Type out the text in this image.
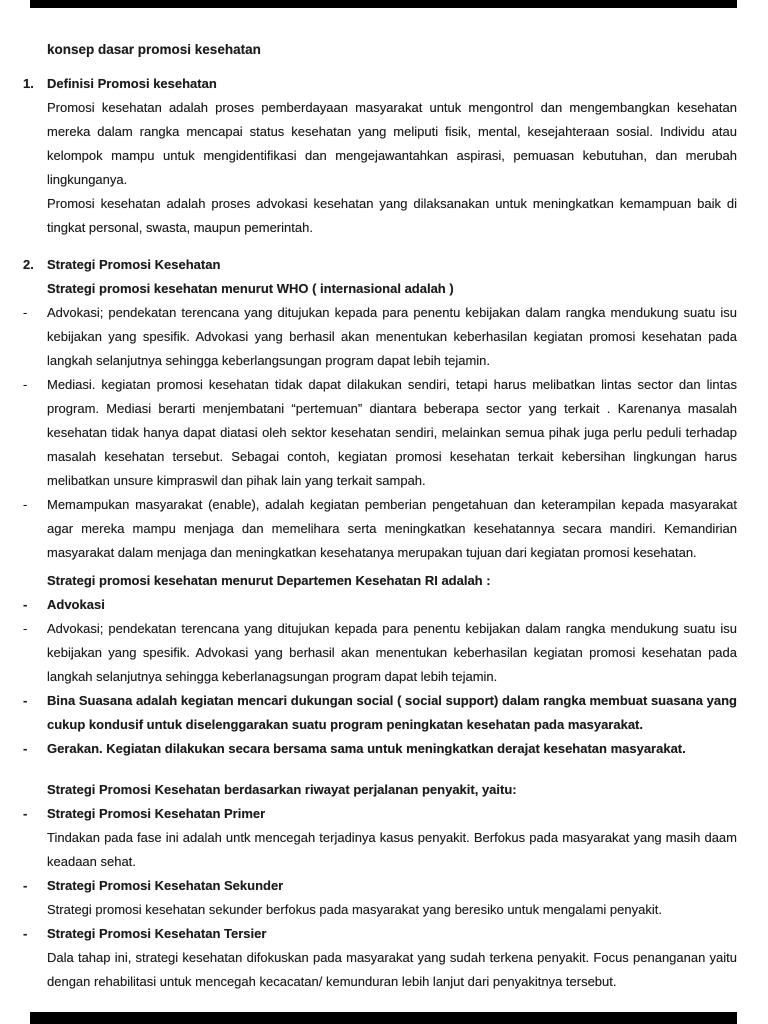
konsep dasar promosi kesehatan
1.	Definisi Promosi kesehatan
Promosi kesehatan adalah proses pemberdayaan masyarakat untuk mengontrol dan mengembangkan kesehatan mereka dalam rangka mencapai status kesehatan yang meliputi fisik, mental, kesejahteraan sosial. Individu atau kelompok mampu untuk mengidentifikasi dan mengejawantahkan aspirasi, pemuasan kebutuhan, dan merubah lingkunganya.
Promosi kesehatan adalah proses advokasi kesehatan yang dilaksanakan untuk meningkatkan kemampuan baik di tingkat personal, swasta, maupun pemerintah.
2.	Strategi Promosi Kesehatan
Strategi promosi kesehatan menurut WHO ( internasional adalah )
-	Advokasi; pendekatan terencana yang ditujukan kepada para penentu kebijakan dalam rangka mendukung suatu isu kebijakan yang spesifik. Advokasi yang berhasil akan menentukan keberhasilan kegiatan promosi kesehatan pada langkah selanjutnya sehingga keberlangsungan program dapat lebih tejamin.
-	Mediasi. kegiatan promosi kesehatan tidak dapat dilakukan sendiri, tetapi harus melibatkan lintas sector dan lintas program. Mediasi berarti menjembatani “pertemuan” diantara beberapa sector yang terkait . Karenanya masalah kesehatan tidak hanya dapat diatasi oleh sektor kesehatan sendiri, melainkan semua pihak juga perlu peduli terhadap masalah kesehatan tersebut. Sebagai contoh, kegiatan promosi kesehatan terkait kebersihan lingkungan harus melibatkan unsure kimpraswil dan pihak lain yang terkait sampah.
-	Memampukan masyarakat (enable), adalah kegiatan pemberian pengetahuan dan keterampilan kepada masyarakat agar mereka mampu menjaga dan memelihara serta meningkatkan kesehatannya secara mandiri. Kemandirian masyarakat dalam menjaga dan meningkatkan kesehatanya merupakan tujuan dari kegiatan promosi kesehatan.
Strategi promosi kesehatan menurut Departemen Kesehatan RI adalah :
-	Advokasi
-	Advokasi; pendekatan terencana yang ditujukan kepada para penentu kebijakan dalam rangka mendukung suatu isu kebijakan yang spesifik. Advokasi yang berhasil akan menentukan keberhasilan kegiatan promosi kesehatan pada langkah selanjutnya sehingga keberlanagsungan program dapat lebih tejamin.
-	Bina Suasana adalah kegiatan mencari dukungan social ( social support) dalam rangka membuat suasana yang cukup kondusif untuk diselenggarakan suatu program peningkatan kesehatan pada masyarakat.
-	Gerakan. Kegiatan dilakukan secara bersama sama untuk meningkatkan derajat kesehatan masyarakat.
Strategi Promosi Kesehatan berdasarkan riwayat perjalanan penyakit, yaitu:
-	Strategi Promosi Kesehatan Primer
Tindakan pada fase ini adalah untk mencegah terjadinya kasus penyakit. Berfokus pada masyarakat yang masih daam keadaan sehat.
-	Strategi Promosi Kesehatan Sekunder
Strategi promosi kesehatan sekunder berfokus pada masyarakat yang beresiko untuk mengalami penyakit.
-	Strategi Promosi Kesehatan Tersier
Dala tahap ini, strategi kesehatan difokuskan pada masyarakat yang sudah terkena penyakit. Focus penanganan yaitu dengan rehabilitasi untuk mencegah kecacatan/ kemunduran lebih lanjut dari penyakitnya tersebut.
